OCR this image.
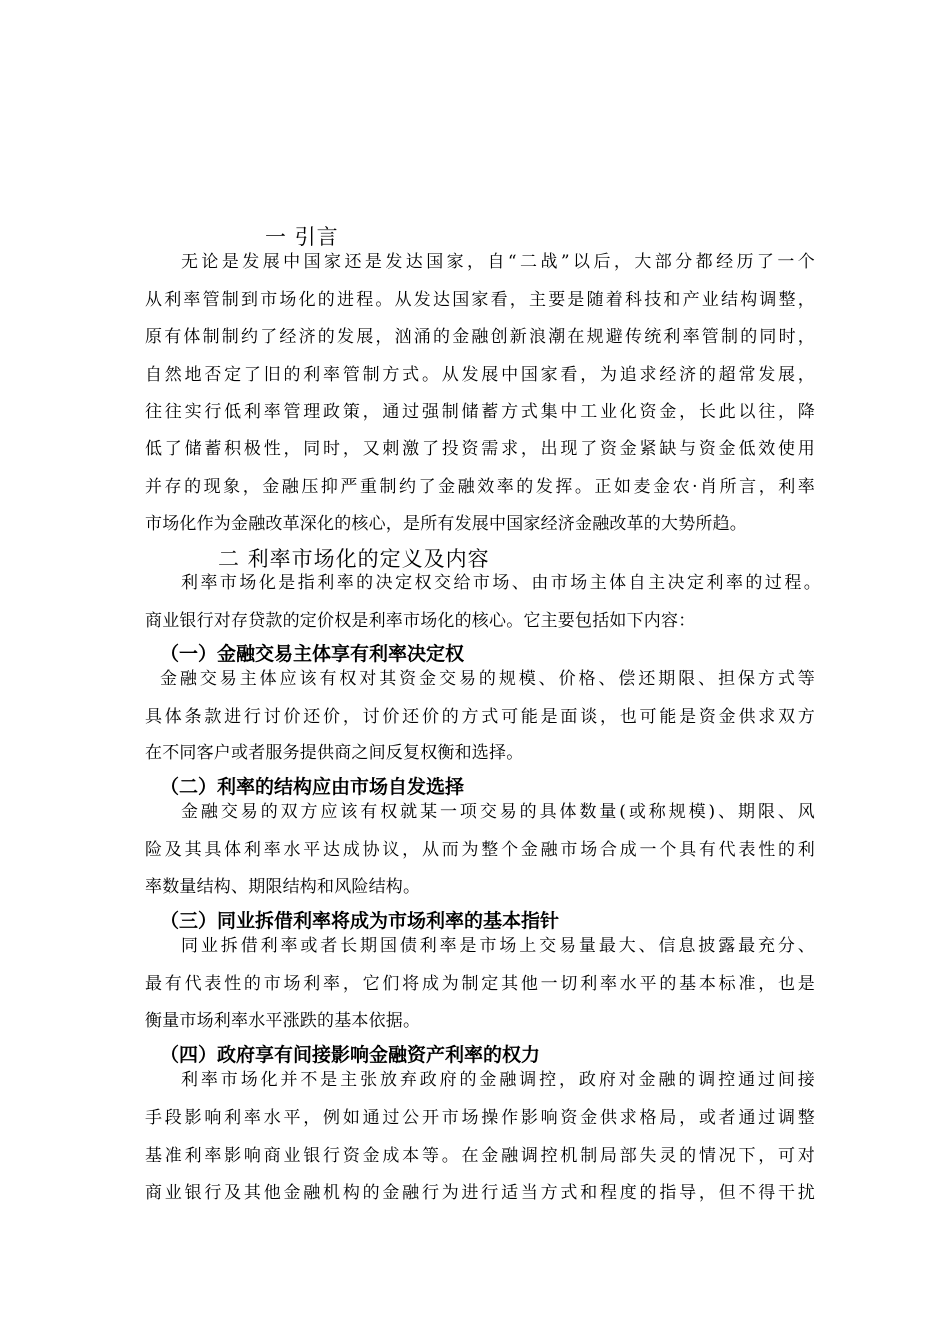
一 引言
无论是发展中国家还是发达国家，自“二战”以后，大部分都经历了一个
从利率管制到市场化的进程。从发达国家看，主要是随着科技和产业结构调整，
原有体制制约了经济的发展，汹涌的金融创新浪潮在规避传统利率管制的同时，
自然地否定了旧的利率管制方式。从发展中国家看，为追求经济的超常发展，
往往实行低利率管理政策，通过强制储蓄方式集中工业化资金，长此以往，降
低了储蓄积极性，同时，又刺激了投资需求，出现了资金紧缺与资金低效使用
并存的现象，金融压抑严重制约了金融效率的发挥。正如麦金农·肖所言，利率
市场化作为金融改革深化的核心，是所有发展中国家经济金融改革的大势所趋。
二 利率市场化的定义及内容
利率市场化是指利率的决定权交给市场、由市场主体自主决定利率的过程。
商业银行对存贷款的定价权是利率市场化的核心。它主要包括如下内容：
（一）金融交易主体享有利率决定权
金融交易主体应该有权对其资金交易的规模、价格、偿还期限、担保方式等
具体条款进行讨价还价，讨价还价的方式可能是面谈，也可能是资金供求双方
在不同客户或者服务提供商之间反复权衡和选择。
（二）利率的结构应由市场自发选择
金融交易的双方应该有权就某一项交易的具体数量(或称规模)、期限、风
险及其具体利率水平达成协议，从而为整个金融市场合成一个具有代表性的利
率数量结构、期限结构和风险结构。
（三）同业拆借利率将成为市场利率的基本指针
同业拆借利率或者长期国债利率是市场上交易量最大、信息披露最充分、
最有代表性的市场利率，它们将成为制定其他一切利率水平的基本标准，也是
衡量市场利率水平涨跌的基本依据。
（四）政府享有间接影响金融资产利率的权力
利率市场化并不是主张放弃政府的金融调控，政府对金融的调控通过间接
手段影响利率水平，例如通过公开市场操作影响资金供求格局，或者通过调整
基准利率影响商业银行资金成本等。在金融调控机制局部失灵的情况下，可对
商业银行及其他金融机构的金融行为进行适当方式和程度的指导，但不得干扰
